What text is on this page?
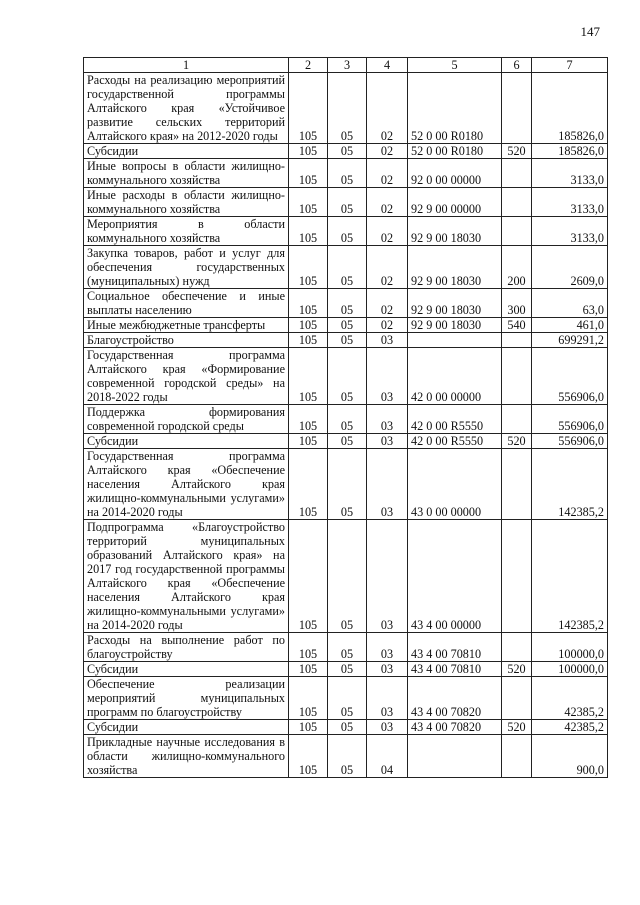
147
1	2	3	4	5	6	7
Расходы на реализацию мероприятий государственной программы Алтайского края «Устойчивое развитие сельских территорий Алтайского края» на 2012-2020 годы	105	05	02	52 0 00 R0180		185826,0
Субсидии	105	05	02	52 0 00 R0180	520	185826,0
Иные вопросы в области жилищно-коммунального хозяйства	105	05	02	92 0 00 00000		3133,0
Иные расходы в области жилищно-коммунального хозяйства	105	05	02	92 9 00 00000		3133,0
Мероприятия в области коммунального хозяйства	105	05	02	92 9 00 18030		3133,0
Закупка товаров, работ и услуг для обеспечения государственных (муниципальных) нужд	105	05	02	92 9 00 18030	200	2609,0
Социальное обеспечение и иные выплаты населению	105	05	02	92 9 00 18030	300	63,0
Иные межбюджетные трансферты	105	05	02	92 9 00 18030	540	461,0
Благоустройство	105	05	03			699291,2
Государственная программа Алтайского края «Формирование современной городской среды» на 2018-2022 годы	105	05	03	42 0 00 00000		556906,0
Поддержка формирования современной городской среды	105	05	03	42 0 00 R5550		556906,0
Субсидии	105	05	03	42 0 00 R5550	520	556906,0
Государственная программа Алтайского края «Обеспечение населения Алтайского края жилищно-коммунальными услугами» на 2014-2020 годы	105	05	03	43 0 00 00000		142385,2
Подпрограмма «Благоустройство территорий муниципальных образований Алтайского края» на 2017 год государственной программы Алтайского края «Обеспечение населения Алтайского края жилищно-коммунальными услугами» на 2014-2020 годы	105	05	03	43 4 00 00000		142385,2
Расходы на выполнение работ по благоустройству	105	05	03	43 4 00 70810		100000,0
Субсидии	105	05	03	43 4 00 70810	520	100000,0
Обеспечение реализации мероприятий муниципальных программ по благоустройству	105	05	03	43 4 00 70820		42385,2
Субсидии	105	05	03	43 4 00 70820	520	42385,2
Прикладные научные исследования в области жилищно-коммунального хозяйства	105	05	04			900,0
